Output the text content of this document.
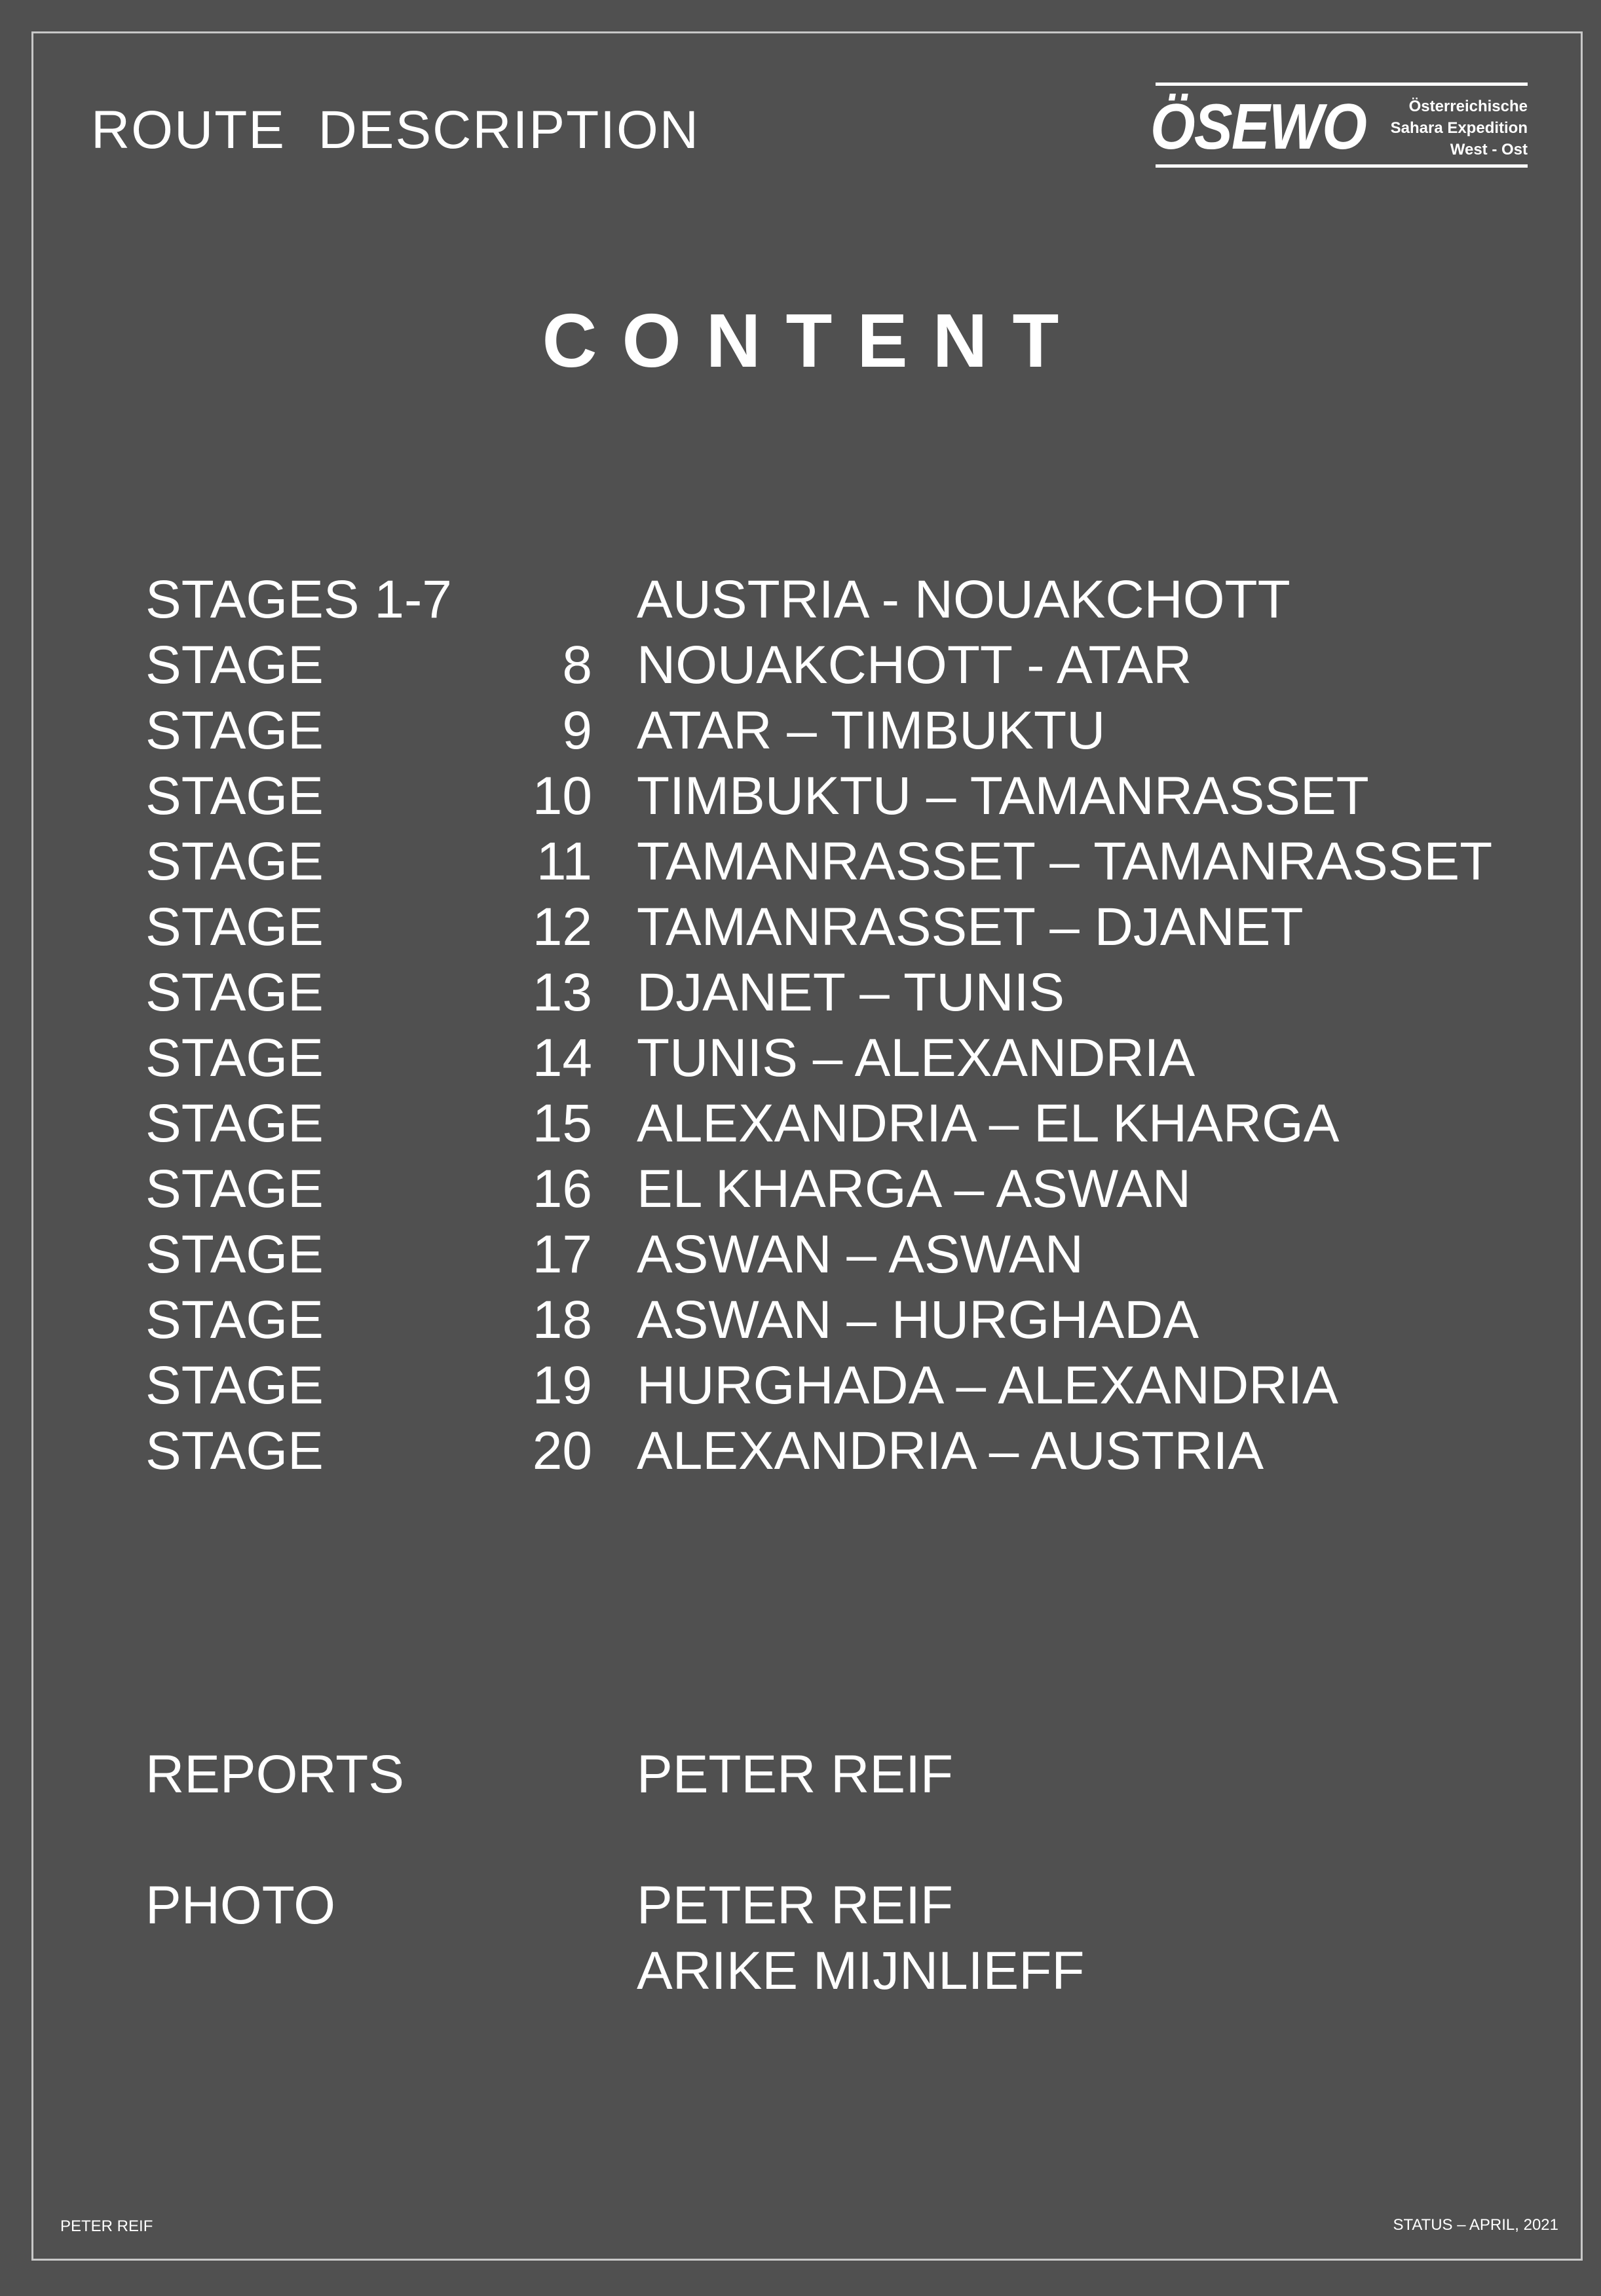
ROUTE  DESCRIPTION	ÖSEWO	Österreichische
Sahara Expedition
West - Ost
CONTENT
STAGES 1-7	AUSTRIA - NOUAKCHOTT
STAGE	8 NOUAKCHOTT - ATAR
STAGE	9 ATAR – TIMBUKTU
STAGE	10 TIMBUKTU – TAMANRASSET
STAGE	11 TAMANRASSET – TAMANRASSET
STAGE	12 TAMANRASSET – DJANET
STAGE	13 DJANET – TUNIS
STAGE	14 TUNIS – ALEXANDRIA
STAGE	15 ALEXANDRIA – EL KHARGA
STAGE	16 EL KHARGA – ASWAN
STAGE	17 ASWAN – ASWAN
STAGE	18 ASWAN – HURGHADA
STAGE	19 HURGHADA – ALEXANDRIA
STAGE	20 ALEXANDRIA – AUSTRIA
REPORTS	PETER REIF
PHOTO	PETER REIF
ARIKE MIJNLIEFF
PETER REIF	STATUS – APRIL, 2021
